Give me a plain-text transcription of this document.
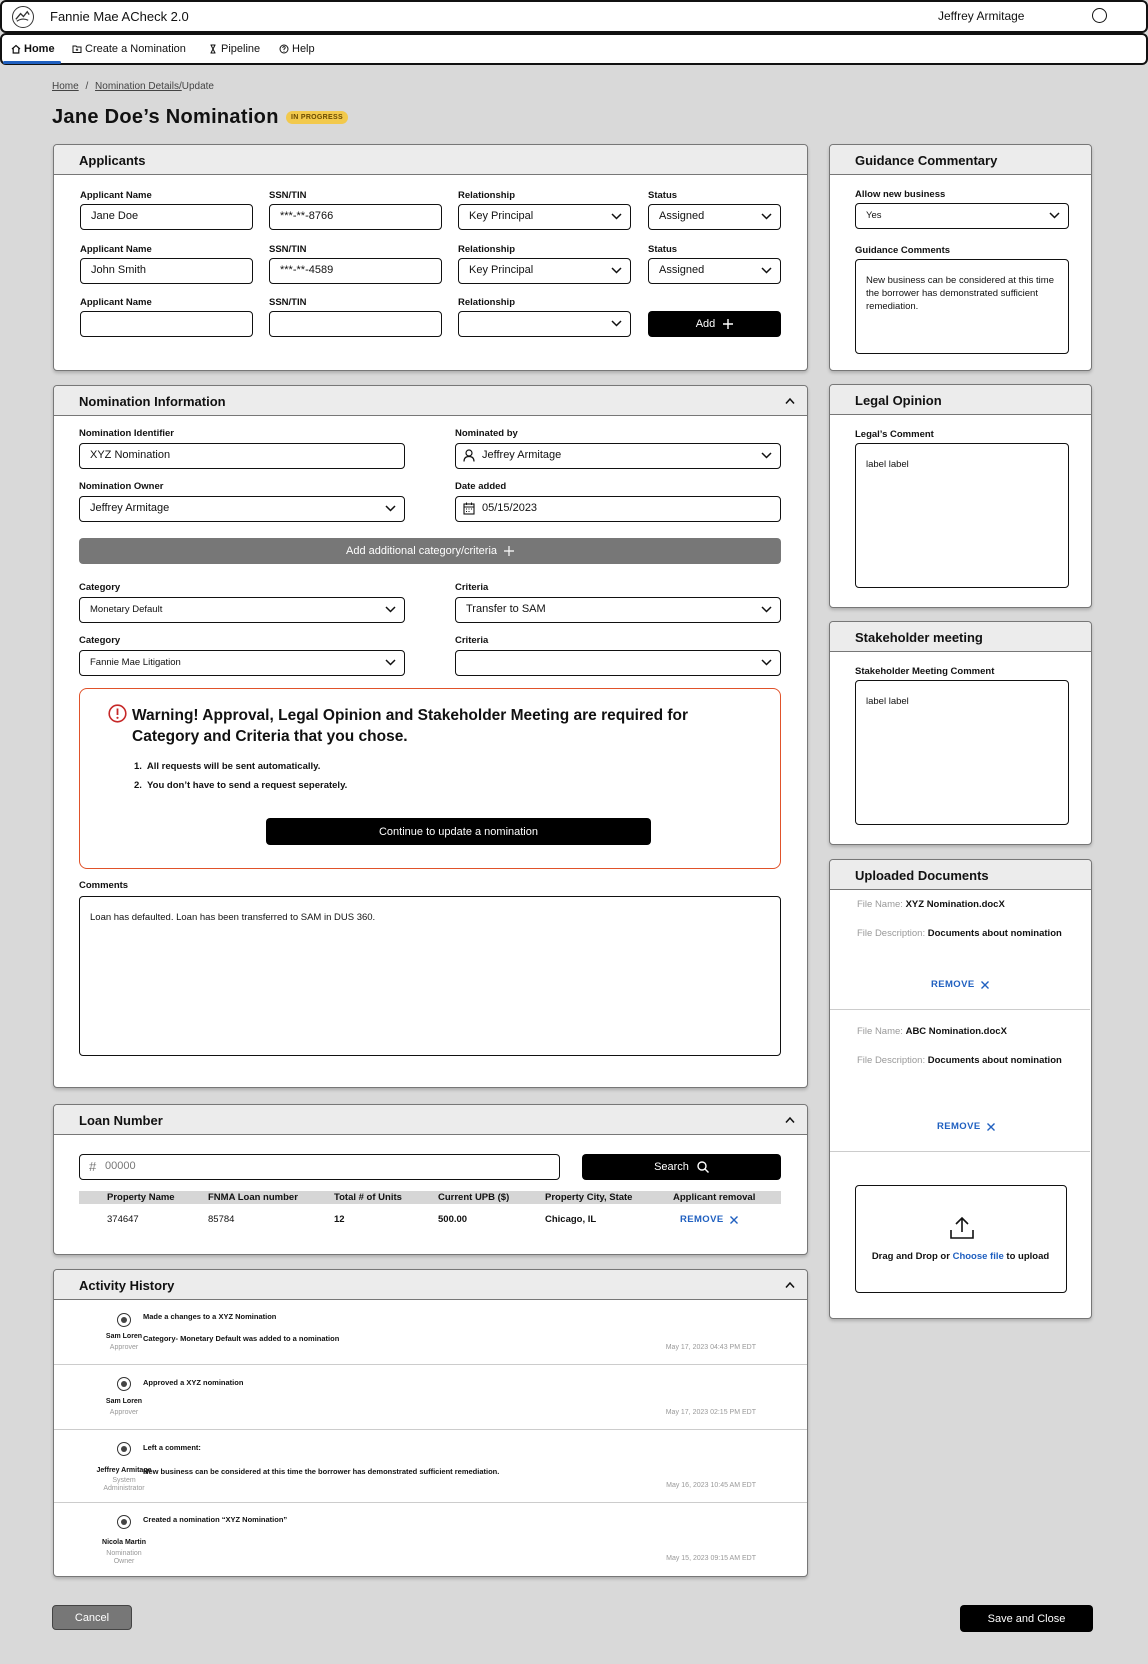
Fannie Mae ACheck 2.0	Jeffrey Armitage
Home	Create a Nomination	Pipeline	Help
Home / Nomination Details/Update
Jane Doe’s Nomination	IN PROGRESS
Applicants
Applicant Name	SSN/TIN	Relationship	Status
Jane Doe	***-**-8766	Key Principal	Assigned
Applicant Name	SSN/TIN	Relationship	Status
John Smith	***-**-4589	Key Principal	Assigned
Applicant Name	SSN/TIN	Relationship
Add
Nomination Information
Nomination Identifier
XYZ Nomination
Nominated by
Jeffrey Armitage
Nomination Owner
Jeffrey Armitage
Date added
05/15/2023
Add additional category/criteria
Category
Monetary Default
Criteria
Transfer to SAM
Category
Fannie Mae Litigation
Criteria
Warning! Approval, Legal Opinion and Stakeholder Meeting are required for Category and Criteria that you chose.
1.  All requests will be sent automatically.
2.  You don’t have to send a request seperately.
Continue to update a nomination
Comments
Loan has defaulted. Loan has been transferred to SAM in DUS 360.
Loan Number
# 00000	Search
Property Name	FNMA Loan number	Total # of Units	Current UPB ($)	Property City, State	Applicant removal
374647	85784	12	500.00	Chicago, IL	REMOVE
Activity History
Sam Loren
Approver
Made a changes to a XYZ Nomination
Category- Monetary Default was added to a nomination
May 17, 2023 04:43 PM EDT
Sam Loren
Approver
Approved a XYZ nomination
May 17, 2023 02:15 PM EDT
Jeffrey Armitage
System Administrator
Left a comment:
New business can be considered at this time the borrower has demonstrated sufficient remediation.
May 16, 2023 10:45 AM EDT
Nicola Martin
Nomination Owner
Created a nomination “XYZ Nomination”
May 15, 2023 09:15 AM EDT
Guidance Commentary
Allow new business
Yes
Guidance Comments
New business can be considered at this time the borrower has demonstrated sufficient remediation.
Legal Opinion
Legal’s Comment
label label
Stakeholder meeting
Stakeholder Meeting Comment
label label
Uploaded Documents
File Name: XYZ Nomination.docX
File Description: Documents about nomination
REMOVE
File Name: ABC Nomination.docX
File Description: Documents about nomination
REMOVE
Drag and Drop or Choose file to upload
Cancel	Save and Close
